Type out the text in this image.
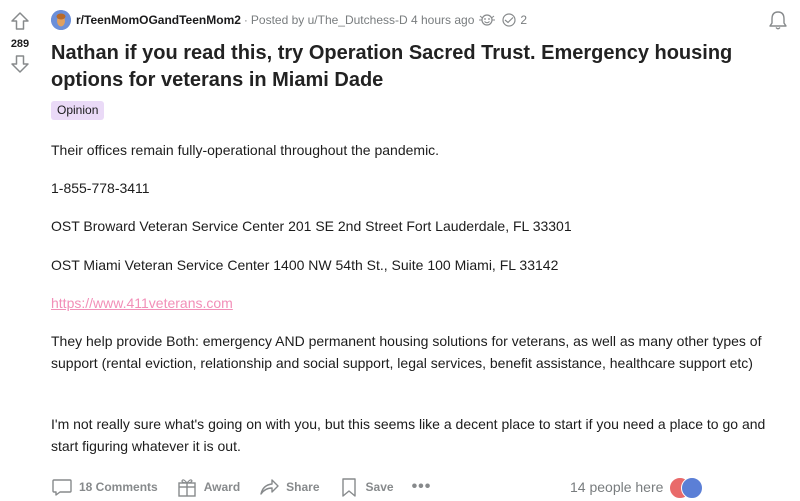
289
r/TeenMomOGandTeenMom2 · Posted by u/The_Dutchess-D 4 hours ago	2
Nathan if you read this, try Operation Sacred Trust. Emergency housing options for veterans in Miami Dade
Opinion

Their offices remain fully-operational throughout the pandemic.

1-855-778-3411

OST Broward Veteran Service Center 201 SE 2nd Street Fort Lauderdale, FL 33301

OST Miami Veteran Service Center 1400 NW 54th St., Suite 100 Miami, FL 33142

https://www.411veterans.com

They help provide Both: emergency AND permanent housing solutions for veterans, as well as many other types of support (rental eviction, relationship and social support, legal services, benefit assistance, healthcare support etc)

I'm not really sure what's going on with you, but this seems like a decent place to start if you need a place to go and start figuring whatever it is out.

18 Comments	Award	Share	Save •••	14 people here
